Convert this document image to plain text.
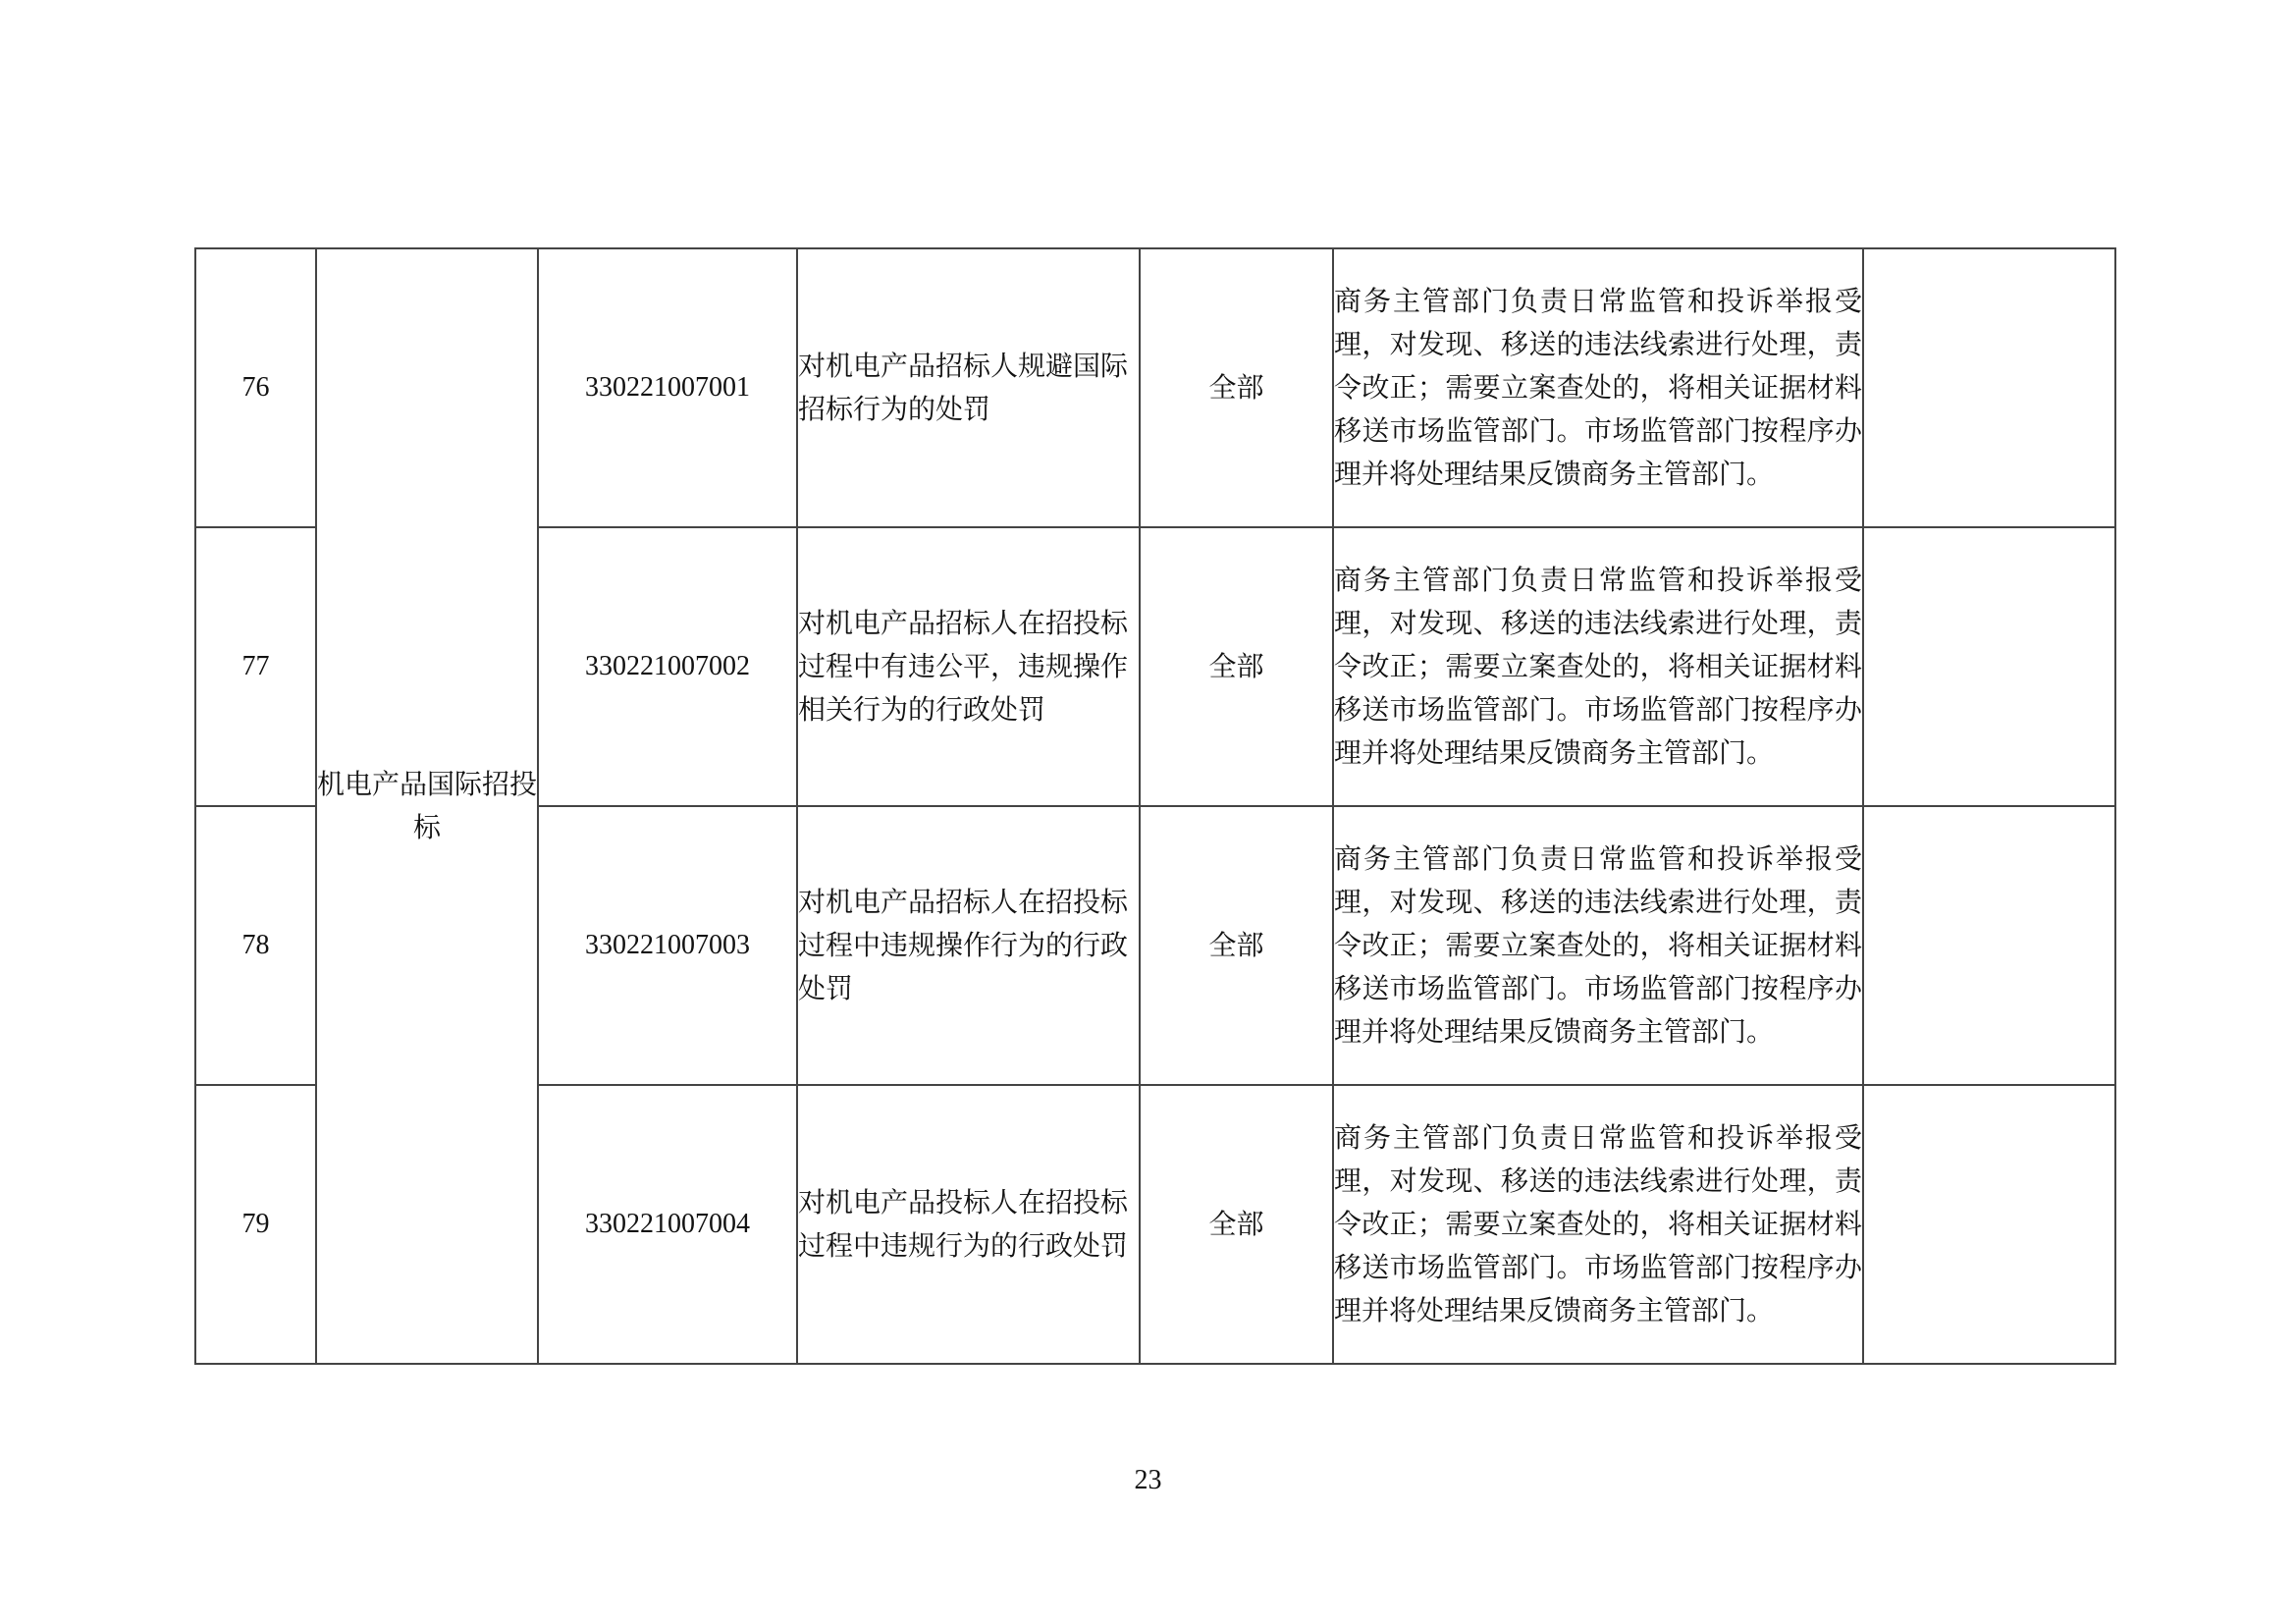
76	机电产品国际招投标	330221007001	对机电产品招标人规避国际招标行为的处罚	全部	商务主管部门负责日常监管和投诉举报受理，对发现、移送的违法线索进行处理，责令改正；需要立案查处的，将相关证据材料移送市场监管部门。市场监管部门按程序办理并将处理结果反馈商务主管部门。	
77		330221007002	对机电产品招标人在招投标过程中有违公平，违规操作相关行为的行政处罚	全部	商务主管部门负责日常监管和投诉举报受理，对发现、移送的违法线索进行处理，责令改正；需要立案查处的，将相关证据材料移送市场监管部门。市场监管部门按程序办理并将处理结果反馈商务主管部门。	
78		330221007003	对机电产品招标人在招投标过程中违规操作行为的行政处罚	全部	商务主管部门负责日常监管和投诉举报受理，对发现、移送的违法线索进行处理，责令改正；需要立案查处的，将相关证据材料移送市场监管部门。市场监管部门按程序办理并将处理结果反馈商务主管部门。	
79		330221007004	对机电产品投标人在招投标过程中违规行为的行政处罚	全部	商务主管部门负责日常监管和投诉举报受理，对发现、移送的违法线索进行处理，责令改正；需要立案查处的，将相关证据材料移送市场监管部门。市场监管部门按程序办理并将处理结果反馈商务主管部门。	
23
